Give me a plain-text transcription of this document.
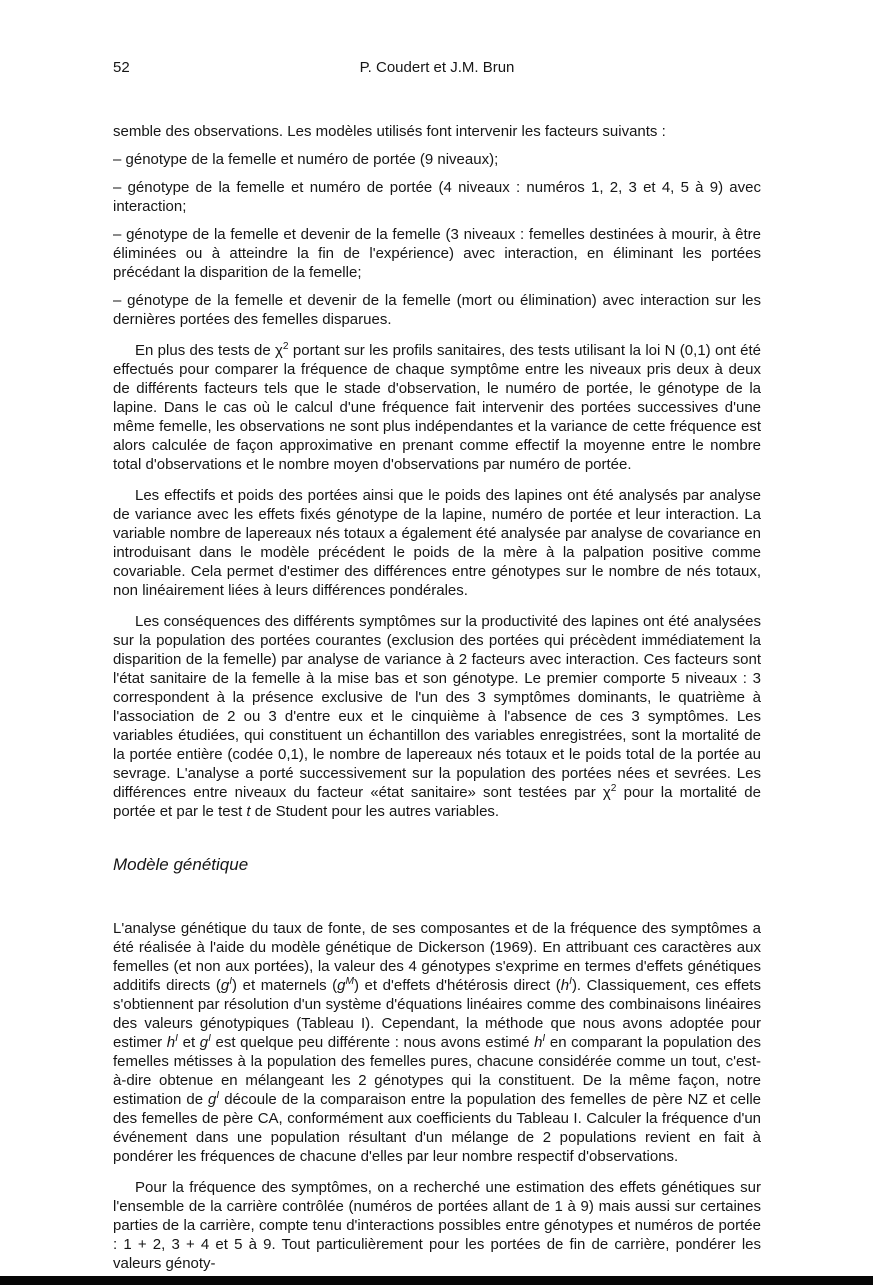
52	P. Coudert et J.M. Brun

semble des observations. Les modèles utilisés font intervenir les facteurs suivants :

– génotype de la femelle et numéro de portée (9 niveaux);

– génotype de la femelle et numéro de portée (4 niveaux : numéros 1, 2, 3 et 4, 5 à 9) avec interaction;

– génotype de la femelle et devenir de la femelle (3 niveaux : femelles destinées à mourir, à être éliminées ou à atteindre la fin de l'expérience) avec interaction, en éliminant les portées précédant la disparition de la femelle;

– génotype de la femelle et devenir de la femelle (mort ou élimination) avec interaction sur les dernières portées des femelles disparues.

En plus des tests de $\chi^2$ portant sur les profils sanitaires, des tests utilisant la loi N (0,1) ont été effectués pour comparer la fréquence de chaque symptôme entre les niveaux pris deux à deux de différents facteurs tels que le stade d'observation, le numéro de portée, le génotype de la lapine. Dans le cas où le calcul d'une fréquence fait intervenir des portées successives d'une même femelle, les observations ne sont plus indépendantes et la variance de cette fréquence est alors calculée de façon approximative en prenant comme effectif la moyenne entre le nombre total d'observations et le nombre moyen d'observations par numéro de portée.

Les effectifs et poids des portées ainsi que le poids des lapines ont été analysés par analyse de variance avec les effets fixés génotype de la lapine, numéro de portée et leur interaction. La variable nombre de lapereaux nés totaux a également été analysée par analyse de covariance en introduisant dans le modèle précédent le poids de la mère à la palpation positive comme covariable. Cela permet d'estimer des différences entre génotypes sur le nombre de nés totaux, non linéairement liées à leurs différences pondérales.

Les conséquences des différents symptômes sur la productivité des lapines ont été analysées sur la population des portées courantes (exclusion des portées qui précèdent immédiatement la disparition de la femelle) par analyse de variance à 2 facteurs avec interaction. Ces facteurs sont l'état sanitaire de la femelle à la mise bas et son génotype. Le premier comporte 5 niveaux : 3 correspondent à la présence exclusive de l'un des 3 symptômes dominants, le quatrième à l'association de 2 ou 3 d'entre eux et le cinquième à l'absence de ces 3 symptômes. Les variables étudiées, qui constituent un échantillon des variables enregistrées, sont la mortalité de la portée entière (codée 0,1), le nombre de lapereaux nés totaux et le poids total de la portée au sevrage. L'analyse a porté successivement sur la population des portées nées et sevrées. Les différences entre niveaux du facteur «état sanitaire» sont testées par $\chi^2$ pour la mortalité de portée et par le test t de Student pour les autres variables.

Modèle génétique

L'analyse génétique du taux de fonte, de ses composantes et de la fréquence des symptômes a été réalisée à l'aide du modèle génétique de Dickerson (1969). En attribuant ces caractères aux femelles (et non aux portées), la valeur des 4 génotypes s'exprime en termes d'effets génétiques additifs directs $(g^I)$ et maternels $(g^M)$ et d'effets d'hétérosis direct $(h^I)$. Classiquement, ces effets s'obtiennent par résolution d'un système d'équations linéaires comme des combinaisons linéaires des valeurs génotypiques (Tableau I). Cependant, la méthode que nous avons adoptée pour estimer $h^I$ et $g^I$ est quelque peu différente : nous avons estimé $h^I$ en comparant la population des femelles métisses à la population des femelles pures, chacune considérée comme un tout, c'est-à-dire obtenue en mélangeant les 2 génotypes qui la constituent. De la même façon, notre estimation de $g^I$ découle de la comparaison entre la population des femelles de père NZ et celle des femelles de père CA, conformément aux coefficients du Tableau I. Calculer la fréquence d'un événement dans une population résultant d'un mélange de 2 populations revient en fait à pondérer les fréquences de chacune d'elles par leur nombre respectif d'observations.

Pour la fréquence des symptômes, on a recherché une estimation des effets génétiques sur l'ensemble de la carrière contrôlée (numéros de portées allant de 1 à 9) mais aussi sur certaines parties de la carrière, compte tenu d'interactions possibles entre génotypes et numéros de portée : 1 + 2, 3 + 4 et 5 à 9. Tout particulièrement pour les portées de fin de carrière, pondérer les valeurs génoty-
